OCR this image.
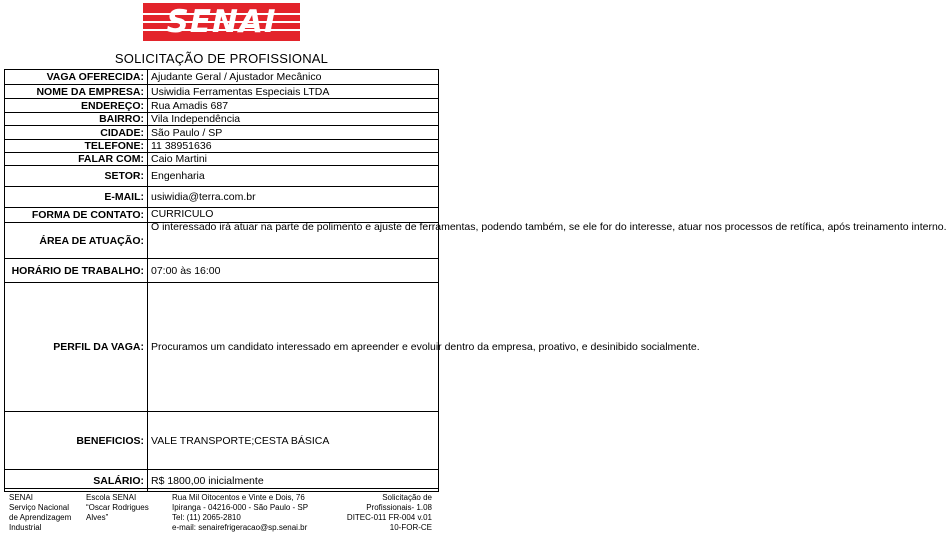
SENAI
SOLICITAÇÃO DE PROFISSIONAL
VAGA OFERECIDA:	Ajudante Geral / Ajustador Mecânico
NOME DA EMPRESA:	Usiwidia Ferramentas Especiais LTDA
ENDEREÇO:	Rua Amadis 687
BAIRRO:	Vila Independência
CIDADE:	São Paulo / SP
TELEFONE:	11 38951636
FALAR COM:	Caio Martini
SETOR:	Engenharia
E-MAIL:	usiwidia@terra.com.br
FORMA DE CONTATO:	CURRICULO
ÁREA DE ATUAÇÃO:	O interessado irá atuar na parte de polimento e ajuste de ferramentas, podendo também, se ele for do interesse, atuar nos processos de retífica, após treinamento interno.

HORÁRIO DE TRABALHO:	07:00 às 16:00
PERFIL DA VAGA:	Procuramos um candidato interessado em apreender e evoluir dentro da empresa, proativo, e desinibido socialmente.
BENEFICIOS:	VALE TRANSPORTE;CESTA BÁSICA
SALÁRIO:	R$ 1800,00 inicialmente
SENAI
Serviço Nacional
de Aprendizagem
Industrial
Escola SENAI
“Oscar Rodrigues
Alves”
Rua Mil Oitocentos e Vinte e Dois, 76
Ipiranga - 04216-000 - São Paulo - SP
Tel: (11) 2065-2810
e-mail: senairefrigeracao@sp.senai.br
Solicitação de
Profissionais- 1.08
DITEC-011 FR-004 v.01
10-FOR-CE
